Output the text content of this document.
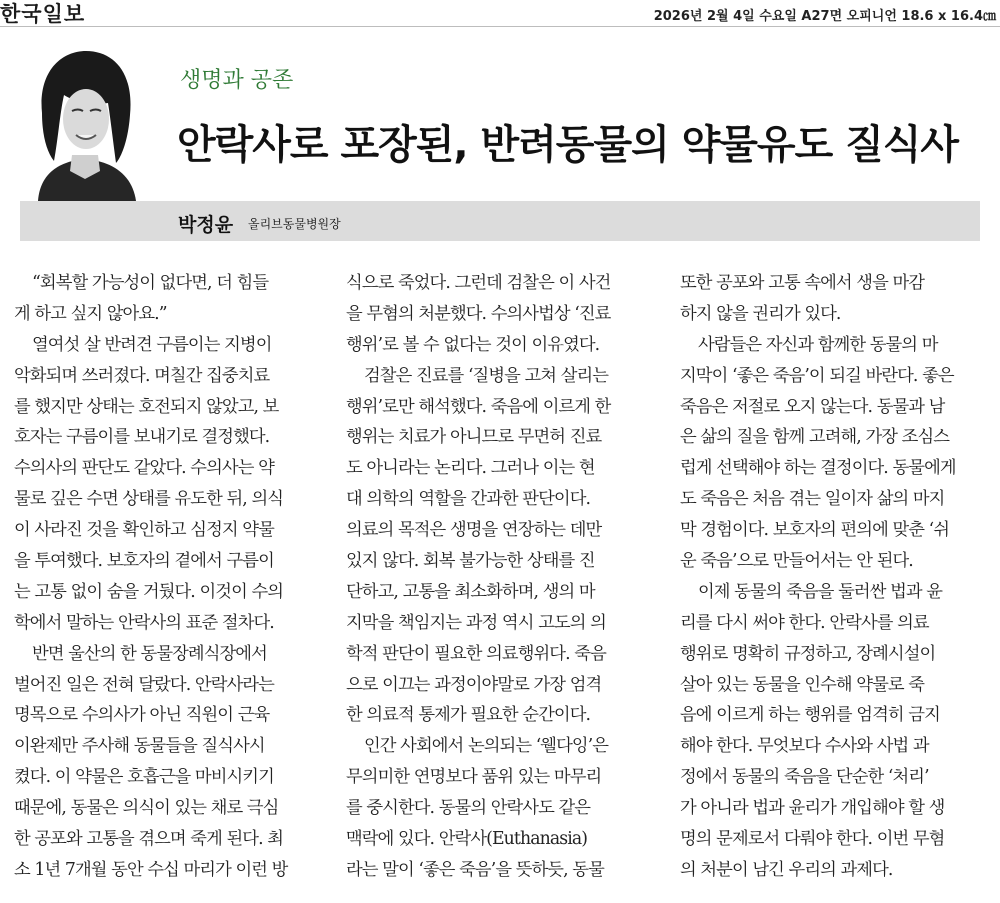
한국일보	2026년 2월 4일 수요일 A27면 오피니언 18.6 x 16.4㎝
생명과 공존
안락사로 포장된, 반려동물의 약물유도 질식사
박정윤 올리브동물병원장
“회복할 가능성이 없다면, 더 힘들
게 하고 싶지 않아요.”
열여섯 살 반려견 구름이는 지병이
악화되며 쓰러졌다. 며칠간 집중치료
를 했지만 상태는 호전되지 않았고, 보
호자는 구름이를 보내기로 결정했다.
수의사의 판단도 같았다. 수의사는 약
물로 깊은 수면 상태를 유도한 뒤, 의식
이 사라진 것을 확인하고 심정지 약물
을 투여했다. 보호자의 곁에서 구름이
는 고통 없이 숨을 거뒀다. 이것이 수의
학에서 말하는 안락사의 표준 절차다.
반면 울산의 한 동물장례식장에서
벌어진 일은 전혀 달랐다. 안락사라는
명목으로 수의사가 아닌 직원이 근육
이완제만 주사해 동물들을 질식사시
켰다. 이 약물은 호흡근을 마비시키기
때문에, 동물은 의식이 있는 채로 극심
한 공포와 고통을 겪으며 죽게 된다. 최
소 1년 7개월 동안 수십 마리가 이런 방
식으로 죽었다. 그런데 검찰은 이 사건
을 무혐의 처분했다. 수의사법상 ‘진료
행위’로 볼 수 없다는 것이 이유였다.
검찰은 진료를 ‘질병을 고쳐 살리는
행위’로만 해석했다. 죽음에 이르게 한
행위는 치료가 아니므로 무면허 진료
도 아니라는 논리다. 그러나 이는 현
대 의학의 역할을 간과한 판단이다.
의료의 목적은 생명을 연장하는 데만
있지 않다. 회복 불가능한 상태를 진
단하고, 고통을 최소화하며, 생의 마
지막을 책임지는 과정 역시 고도의 의
학적 판단이 필요한 의료행위다. 죽음
으로 이끄는 과정이야말로 가장 엄격
한 의료적 통제가 필요한 순간이다.
인간 사회에서 논의되는 ‘웰다잉’은
무의미한 연명보다 품위 있는 마무리
를 중시한다. 동물의 안락사도 같은
맥락에 있다. 안락사(Euthanasia)
라는 말이 ‘좋은 죽음’을 뜻하듯, 동물
또한 공포와 고통 속에서 생을 마감
하지 않을 권리가 있다.
사람들은 자신과 함께한 동물의 마
지막이 ‘좋은 죽음’이 되길 바란다. 좋은
죽음은 저절로 오지 않는다. 동물과 남
은 삶의 질을 함께 고려해, 가장 조심스
럽게 선택해야 하는 결정이다. 동물에게
도 죽음은 처음 겪는 일이자 삶의 마지
막 경험이다. 보호자의 편의에 맞춘 ‘쉬
운 죽음’으로 만들어서는 안 된다.
이제 동물의 죽음을 둘러싼 법과 윤
리를 다시 써야 한다. 안락사를 의료
행위로 명확히 규정하고, 장례시설이
살아 있는 동물을 인수해 약물로 죽
음에 이르게 하는 행위를 엄격히 금지
해야 한다. 무엇보다 수사와 사법 과
정에서 동물의 죽음을 단순한 ‘처리’
가 아니라 법과 윤리가 개입해야 할 생
명의 문제로서 다뤄야 한다. 이번 무혐
의 처분이 남긴 우리의 과제다.
